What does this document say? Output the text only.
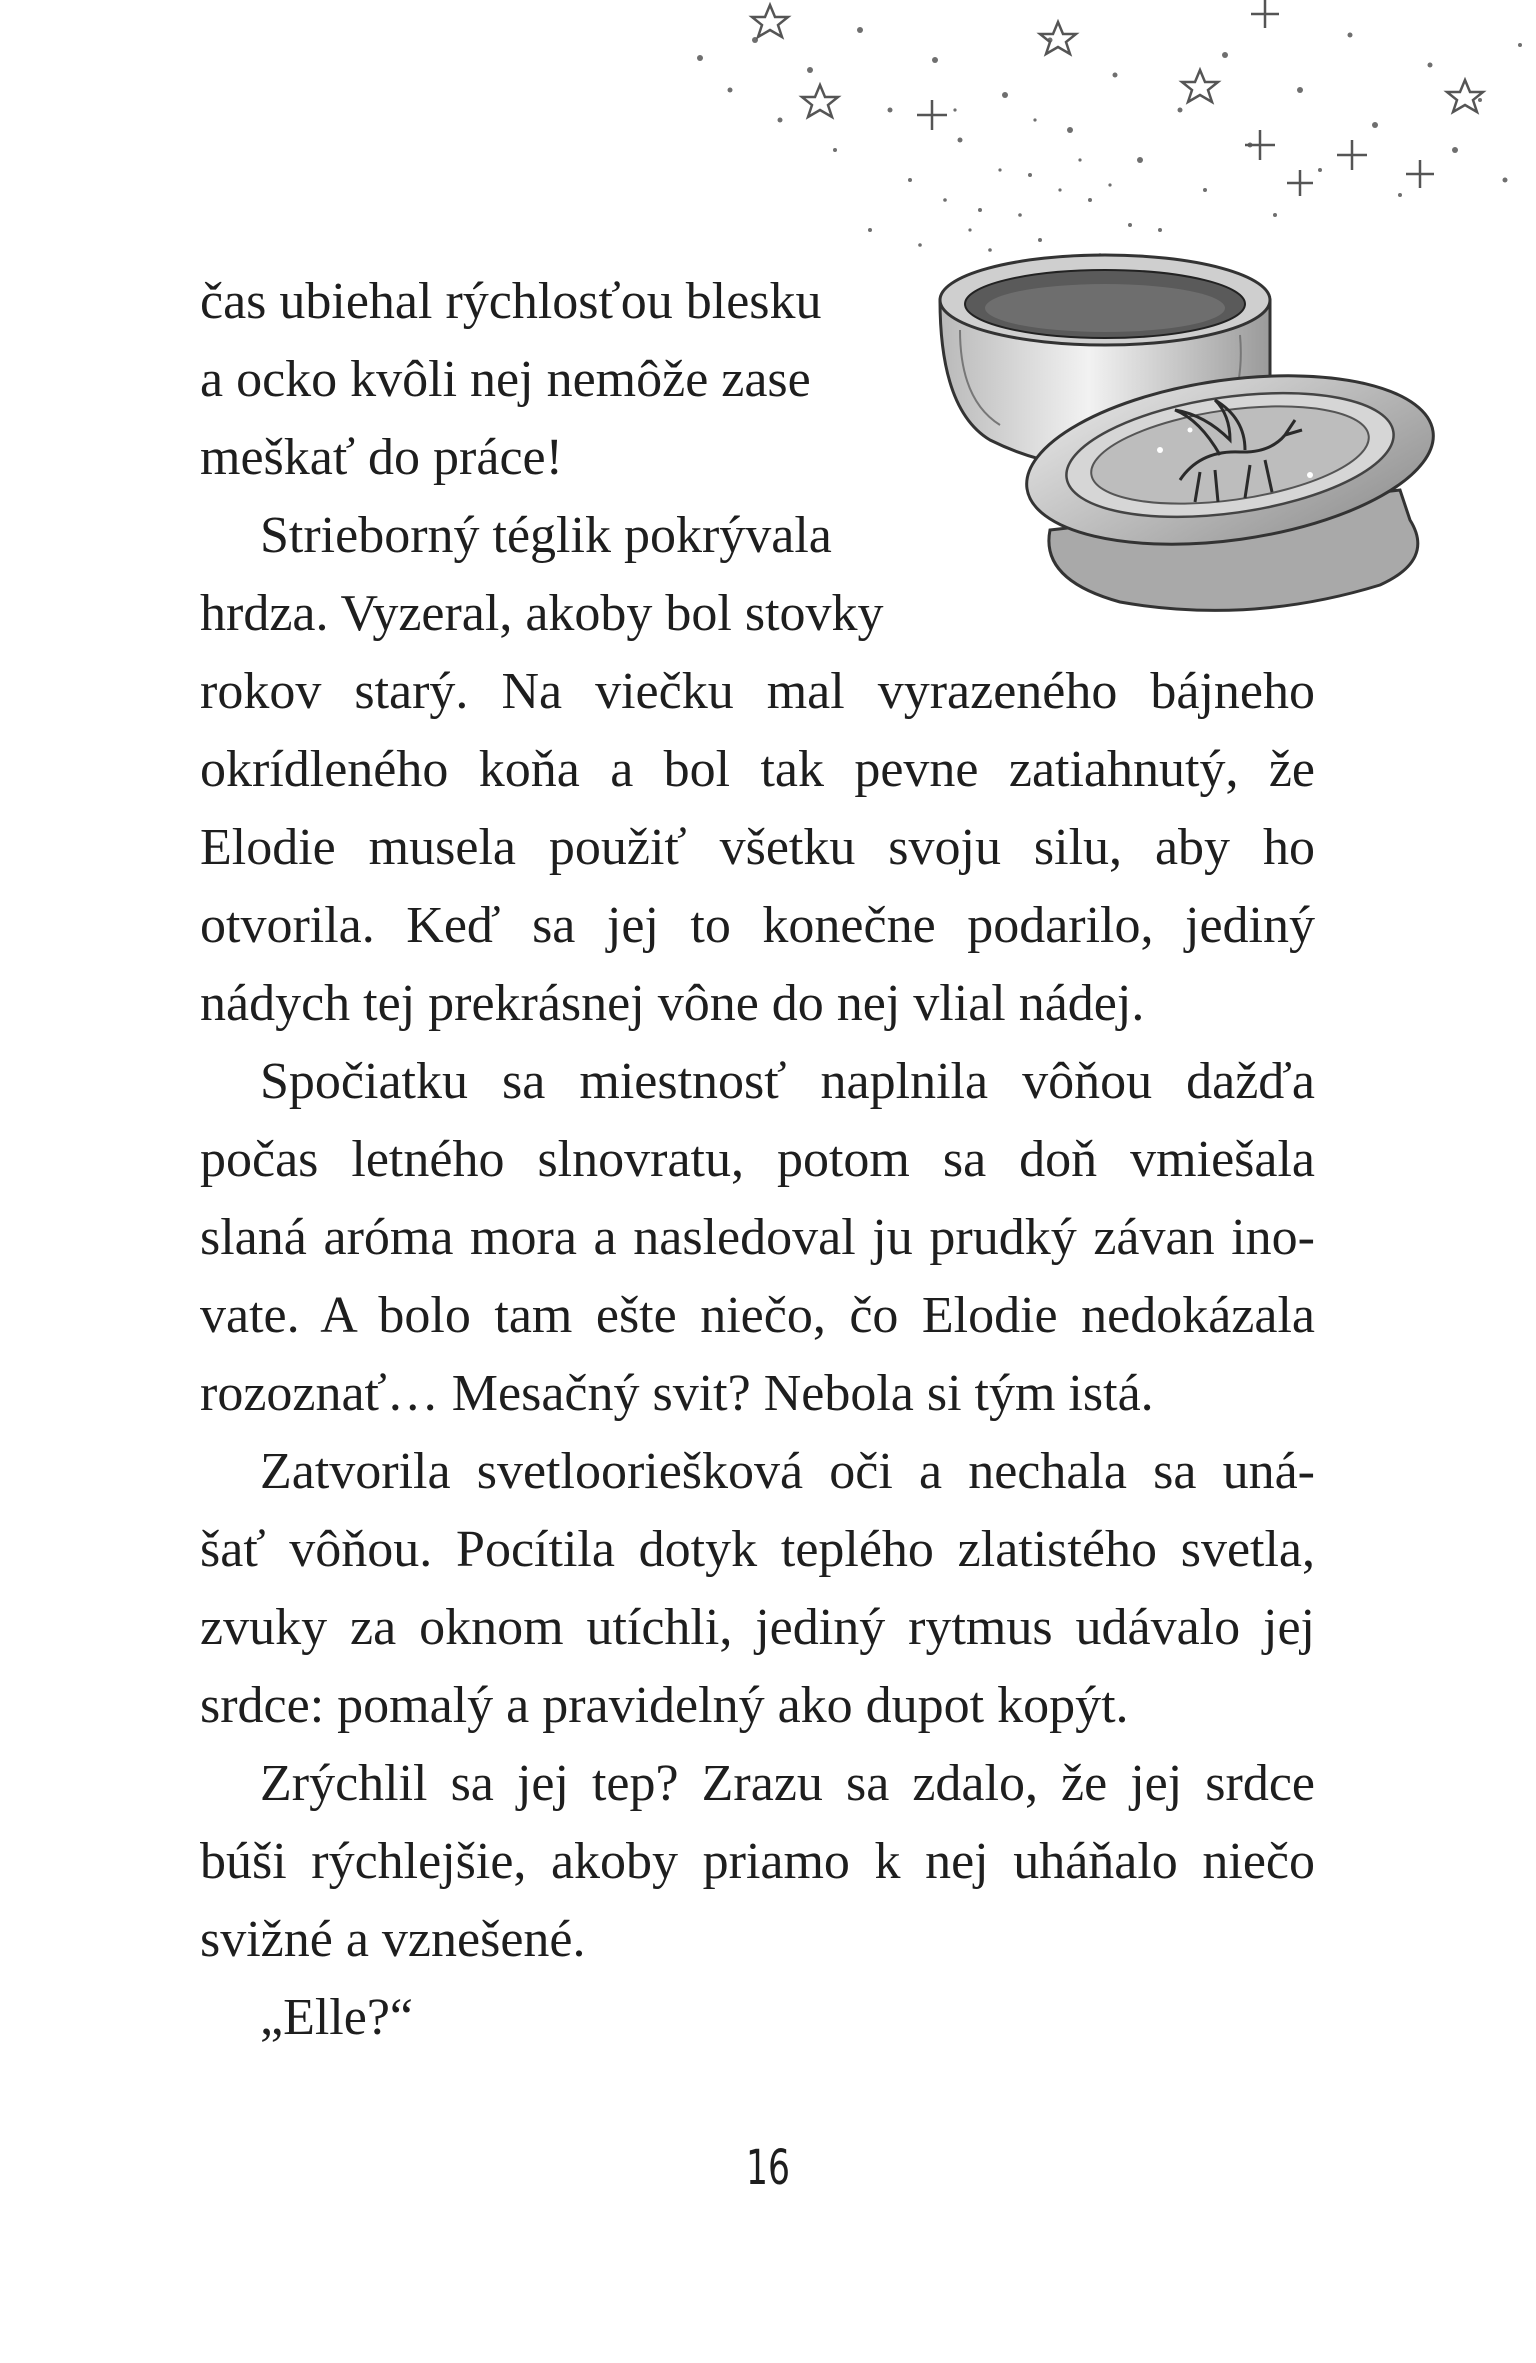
čas ubiehal rýchlosťou blesku
a ocko kvôli nej nemôže zase
meškať do práce!
Strieborný téglik pokrývala
hrdza. Vyzeral, akoby bol stovky
rokov starý. Na viečku mal vyrazeného bájneho
okrídleného koňa a bol tak pevne zatiahnutý, že
Elodie musela použiť všetku svoju silu, aby ho
otvorila. Keď sa jej to konečne podarilo, jediný
nádych tej prekrásnej vône do nej vlial nádej.
Spočiatku sa miestnosť naplnila vôňou dažďa
počas letného slnovratu, potom sa doň vmiešala
slaná aróma mora a nasledoval ju prudký závan ino-
vate. A bolo tam ešte niečo, čo Elodie nedokázala
rozoznať… Mesačný svit? Nebola si tým istá.
Zatvorila svetlooriešková oči a nechala sa uná-
šať vôňou. Pocítila dotyk teplého zlatistého svetla,
zvuky za oknom utíchli, jediný rytmus udávalo jej
srdce: pomalý a pravidelný ako dupot kopýt.
Zrýchlil sa jej tep? Zrazu sa zdalo, že jej srdce
búši rýchlejšie, akoby priamo k nej uháňalo niečo
svižné a vznešené.
„Elle?“
16
